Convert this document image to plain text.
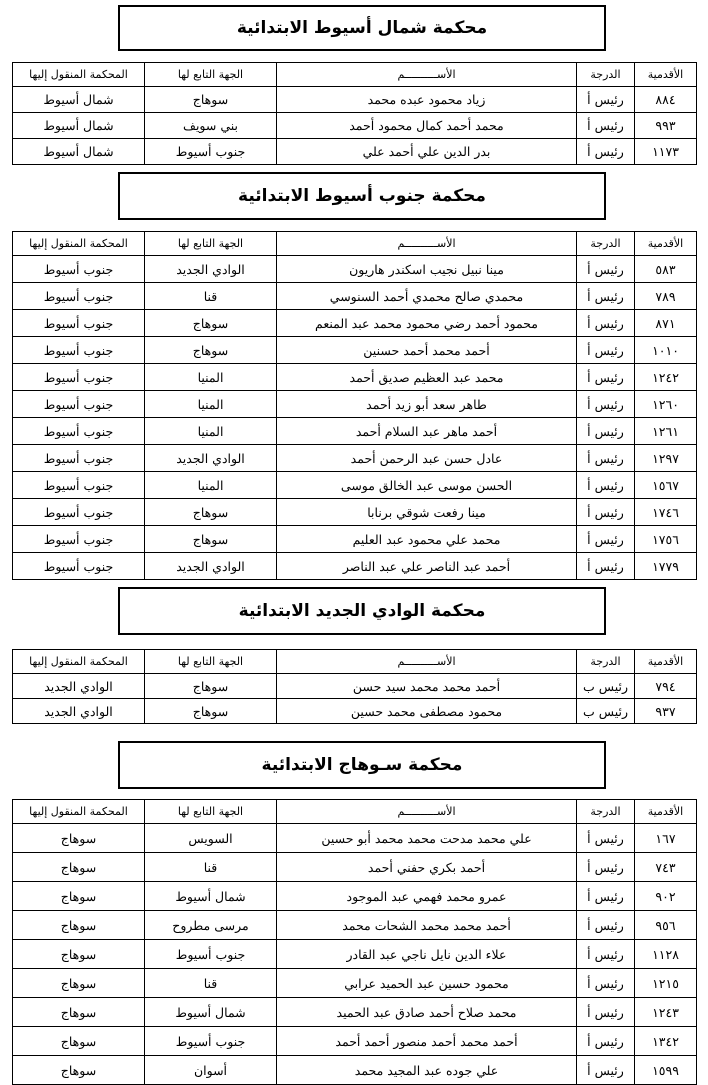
محكمة شمال أسيوط الابتدائية
الأقدمية	الدرجة	الأســــــــــم	الجهة التابع لها	المحكمة المنقول إليها
٨٨٤	رئيس أ	زياد محمود عبده محمد	سوهاج	شمال أسيوط
٩٩٣	رئيس أ	محمد أحمد كمال محمود أحمد	بني سويف	شمال أسيوط
١١٧٣	رئيس أ	بدر الدين علي أحمد علي	جنوب أسيوط	شمال أسيوط
محكمة جنوب أسيوط الابتدائية
الأقدمية	الدرجة	الأســــــــــم	الجهة التابع لها	المحكمة المنقول إليها
٥٨٣	رئيس أ	مينا نبيل نجيب اسكندر هاريون	الوادي الجديد	جنوب أسيوط
٧٨٩	رئيس أ	محمدي صالح محمدي أحمد السنوسي	قنا	جنوب أسيوط
٨٧١	رئيس أ	محمود أحمد رضي محمود محمد عبد المنعم	سوهاج	جنوب أسيوط
١٠١٠	رئيس أ	أحمد محمد أحمد حسنين	سوهاج	جنوب أسيوط
١٢٤٢	رئيس أ	محمد عبد العظيم صديق أحمد	المنيا	جنوب أسيوط
١٢٦٠	رئيس أ	طاهر سعد أبو زيد أحمد	المنيا	جنوب أسيوط
١٢٦١	رئيس أ	أحمد ماهر عبد السلام أحمد	المنيا	جنوب أسيوط
١٢٩٧	رئيس أ	عادل حسن عبد الرحمن أحمد	الوادي الجديد	جنوب أسيوط
١٥٦٧	رئيس أ	الحسن موسى عبد الخالق موسى	المنيا	جنوب أسيوط
١٧٤٦	رئيس أ	مينا رفعت شوقي برنابا	سوهاج	جنوب أسيوط
١٧٥٦	رئيس أ	محمد علي محمود عبد العليم	سوهاج	جنوب أسيوط
١٧٧٩	رئيس أ	أحمد عبد الناصر علي عبد الناصر	الوادي الجديد	جنوب أسيوط
محكمة الوادي الجديد الابتدائية
الأقدمية	الدرجة	الأســــــــــم	الجهة التابع لها	المحكمة المنقول إليها
٧٩٤	رئيس ب	أحمد محمد محمد سيد حسن	سوهاج	الوادي الجديد
٩٣٧	رئيس ب	محمود مصطفى محمد حسين	سوهاج	الوادي الجديد
محكمة سـوهاج الابتدائية
الأقدمية	الدرجة	الأســــــــــم	الجهة التابع لها	المحكمة المنقول إليها
١٦٧	رئيس أ	علي محمد مدحت محمد محمد أبو حسين	السويس	سوهاج
٧٤٣	رئيس أ	أحمد بكري حفني أحمد	قنا	سوهاج
٩٠٢	رئيس أ	عمرو محمد فهمي عبد الموجود	شمال أسيوط	سوهاج
٩٥٦	رئيس أ	أحمد محمد محمد الشحات محمد	مرسى مطروح	سوهاج
١١٢٨	رئيس أ	علاء الدين نايل ناجي عبد القادر	جنوب أسيوط	سوهاج
١٢١٥	رئيس أ	محمود حسين عبد الحميد عرابي	قنا	سوهاج
١٢٤٣	رئيس أ	محمد صلاح أحمد صادق عبد الحميد	شمال أسيوط	سوهاج
١٣٤٢	رئيس أ	أحمد محمد أحمد منصور أحمد أحمد	جنوب أسيوط	سوهاج
١٥٩٩	رئيس أ	علي جوده عبد المجيد محمد	أسوان	سوهاج
